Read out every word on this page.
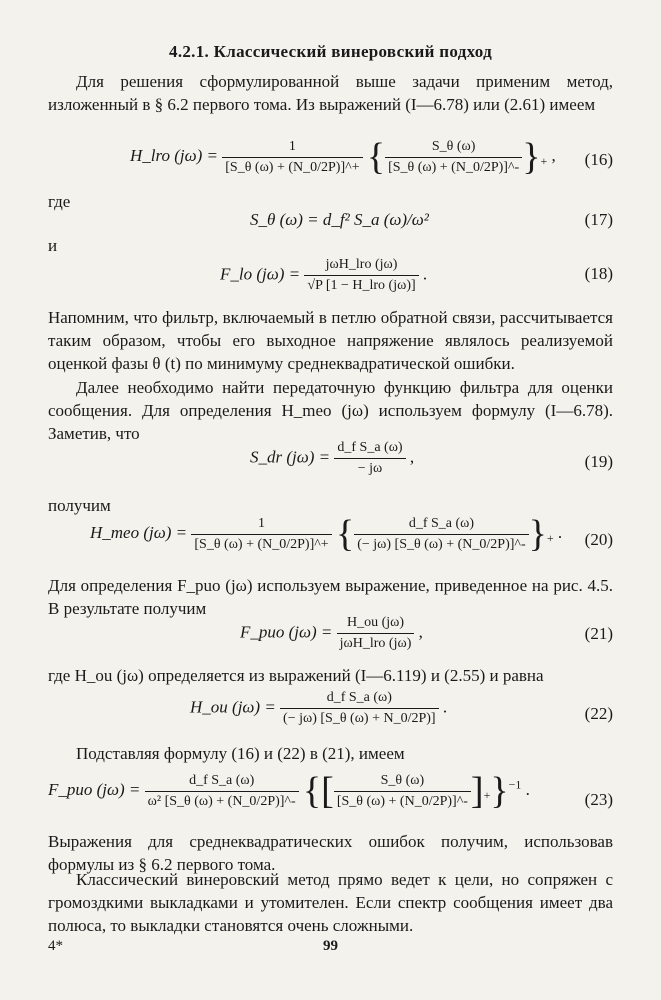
4.2.1. Классический винеровский подход
Для решения сформулированной выше задачи применим метод, изложенный в § 6.2 первого тома. Из выражений (I—6.78) или (2.61) имеем
H_lro $(j\omega) = \frac{1}{[S\_\theta (\omega) + (N\_0/2P)]\^{}+}$ { $\frac{S\_\theta (\omega)}{[S\_\theta (\omega) + (N\_0/2P)]\^{}-} \}_+$ , (16)
где
S_θ (ω) = d_f² S_a (ω)/ω²	(17)
и
F_lo $(j\omega) = \frac{\text{jωH\_lro (jω)}}{\text{√P [1 − H\_lro (jω)]}}$ .	(18)
Напомним, что фильтр, включаемый в петлю обратной связи, рассчитывается таким образом, чтобы его выходное напряжение являлось реализуемой оценкой фазы θ (t) по минимуму среднеквадратической ошибки.
Далее необходимо найти передаточную функцию фильтра для оценки сообщения. Для определения H_meo (jω) используем формулу (I—6.78). Заметив, что
S_dr $(j\omega) = \frac{\text{d\_f S\_a (ω)}}{- j\omega}$ ,	(19)
получим
H_meo $(j\omega) = \frac{1}{[S\_\theta (\omega) + (N\_0/2P)]\^{}+}$ { $\frac{\text{d\_f S\_a (ω)}}{(- j\omega) [S\_\theta (\omega) + (N\_0/2P)]\^{}-} \}_+$ . (20)
Для определения F_puo (jω) используем выражение, приведенное на рис. 4.5. В результате получим
F_puo $(j\omega) = \frac{H\_ou (j\omega)}{\text{jωH\_lro (jω)}}$ ,	(21)
где H_ou (jω) определяется из выражений (I—6.119) и (2.55) и равна
H_ou $(j\omega) = \frac{\text{d\_f S\_a (ω)}}{(- j\omega) [S\_\theta (\omega) + N\_0/2P)]}$ .	(22)
Подставляя формулу (16) и (22) в (21), имеем
F_puo $(j\omega) = \frac{\text{d\_f S\_a (ω)}}{\text{ω² [S\_θ (ω) + (N\_0/2P)]\textasciicircum{}-}}$ {[ $\frac{S\_\theta (\omega)}{[S\_\theta (\omega) + (N\_0/2P)]\^{}-} ]_+\}^{-1}$ .
(23)
Выражения для среднеквадратических ошибок получим, использовав формулы из § 6.2 первого тома.
Классический винеровский метод прямо ведет к цели, но сопряжен с громоздкими выкладками и утомителен. Если спектр сообщения имеет два полюса, то выкладки становятся очень сложными.
4*	99
